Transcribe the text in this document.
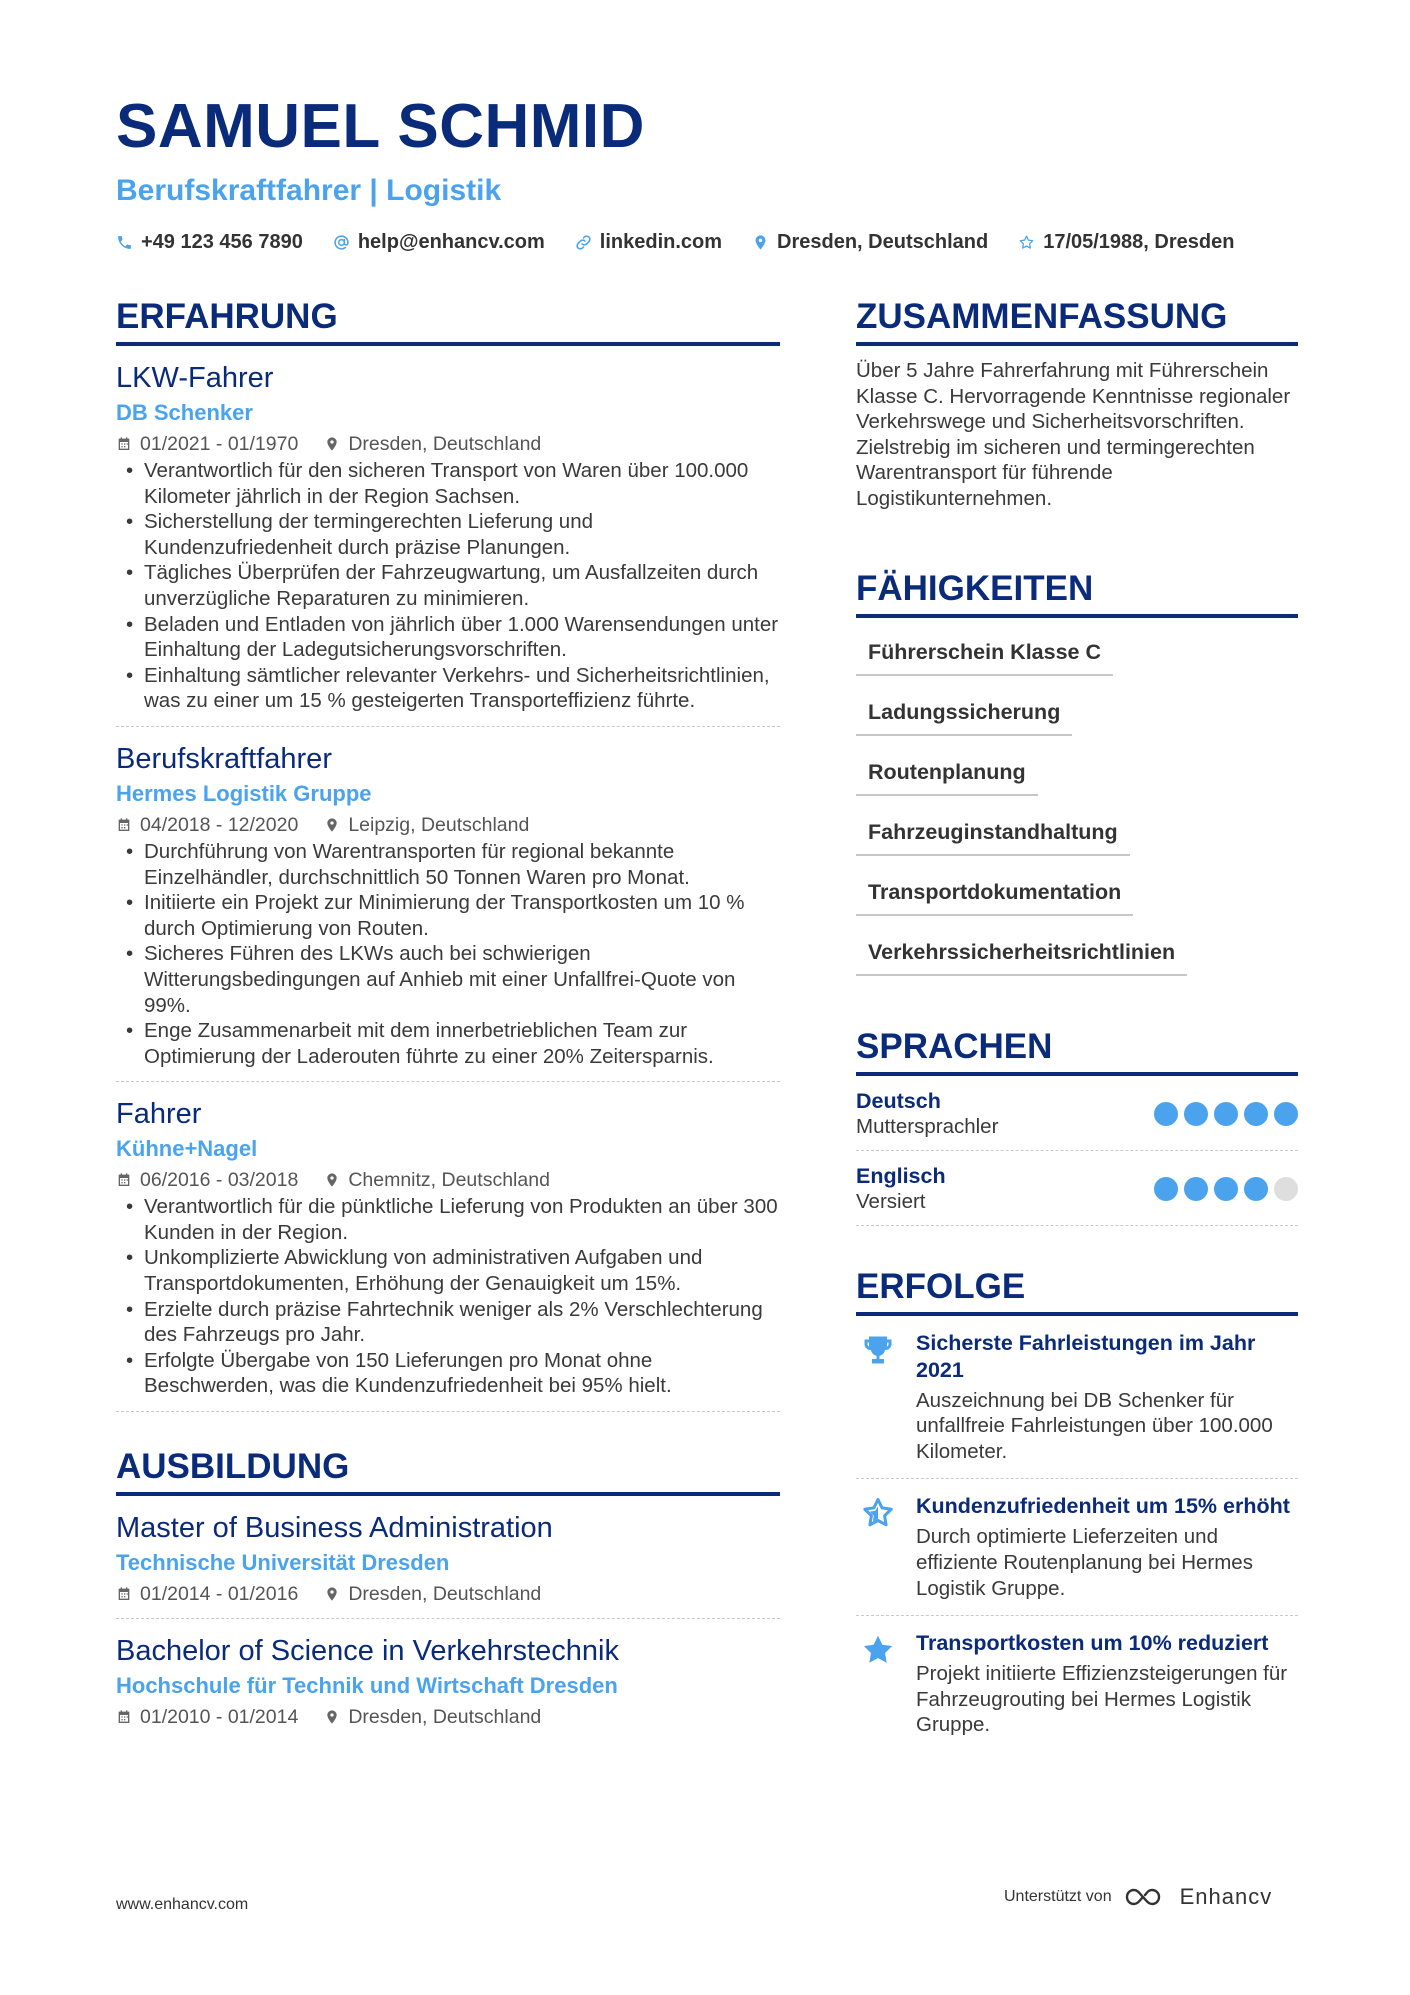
SAMUEL SCHMID
Berufskraftfahrer | Logistik
+49 123 456 7890	help@enhancv.com	linkedin.com	Dresden, Deutschland	17/05/1988, Dresden
ERFAHRUNG
LKW-Fahrer
DB Schenker
01/2021 - 01/1970	Dresden, Deutschland
• Verantwortlich für den sicheren Transport von Waren über 100.000 Kilometer jährlich in der Region Sachsen.
• Sicherstellung der termingerechten Lieferung und Kundenzufriedenheit durch präzise Planungen.
• Tägliches Überprüfen der Fahrzeugwartung, um Ausfallzeiten durch unverzügliche Reparaturen zu minimieren.
• Beladen und Entladen von jährlich über 1.000 Warensendungen unter Einhaltung der Ladegutsicherungsvorschriften.
• Einhaltung sämtlicher relevanter Verkehrs- und Sicherheitsrichtlinien, was zu einer um 15 % gesteigerten Transporteffizienz führte.
Berufskraftfahrer
Hermes Logistik Gruppe
04/2018 - 12/2020	Leipzig, Deutschland
• Durchführung von Warentransporten für regional bekannte Einzelhändler, durchschnittlich 50 Tonnen Waren pro Monat.
• Initiierte ein Projekt zur Minimierung der Transportkosten um 10 % durch Optimierung von Routen.
• Sicheres Führen des LKWs auch bei schwierigen Witterungsbedingungen auf Anhieb mit einer Unfallfrei-Quote von 99%.
• Enge Zusammenarbeit mit dem innerbetrieblichen Team zur Optimierung der Laderouten führte zu einer 20% Zeitersparnis.
Fahrer
Kühne+Nagel
06/2016 - 03/2018	Chemnitz, Deutschland
• Verantwortlich für die pünktliche Lieferung von Produkten an über 300 Kunden in der Region.
• Unkomplizierte Abwicklung von administrativen Aufgaben und Transportdokumenten, Erhöhung der Genauigkeit um 15%.
• Erzielte durch präzise Fahrtechnik weniger als 2% Verschlechterung des Fahrzeugs pro Jahr.
• Erfolgte Übergabe von 150 Lieferungen pro Monat ohne Beschwerden, was die Kundenzufriedenheit bei 95% hielt.
AUSBILDUNG
Master of Business Administration
Technische Universität Dresden
01/2014 - 01/2016	Dresden, Deutschland
Bachelor of Science in Verkehrstechnik
Hochschule für Technik und Wirtschaft Dresden
01/2010 - 01/2014	Dresden, Deutschland
ZUSAMMENFASSUNG
Über 5 Jahre Fahrerfahrung mit Führerschein Klasse C. Hervorragende Kenntnisse regionaler Verkehrswege und Sicherheitsvorschriften. Zielstrebig im sicheren und termingerechten Warentransport für führende Logistikunternehmen.
FÄHIGKEITEN
Führerschein Klasse C
Ladungssicherung
Routenplanung
Fahrzeuginstandhaltung
Transportdokumentation
Verkehrssicherheitsrichtlinien
SPRACHEN
Deutsch
Muttersprachler
Englisch
Versiert
ERFOLGE
Sicherste Fahrleistungen im Jahr 2021
Auszeichnung bei DB Schenker für unfallfreie Fahrleistungen über 100.000 Kilometer.
Kundenzufriedenheit um 15% erhöht
Durch optimierte Lieferzeiten und effiziente Routenplanung bei Hermes Logistik Gruppe.
Transportkosten um 10% reduziert
Projekt initiierte Effizienzsteigerungen für Fahrzeugrouting bei Hermes Logistik Gruppe.
www.enhancv.com	Unterstützt von	Enhancv
